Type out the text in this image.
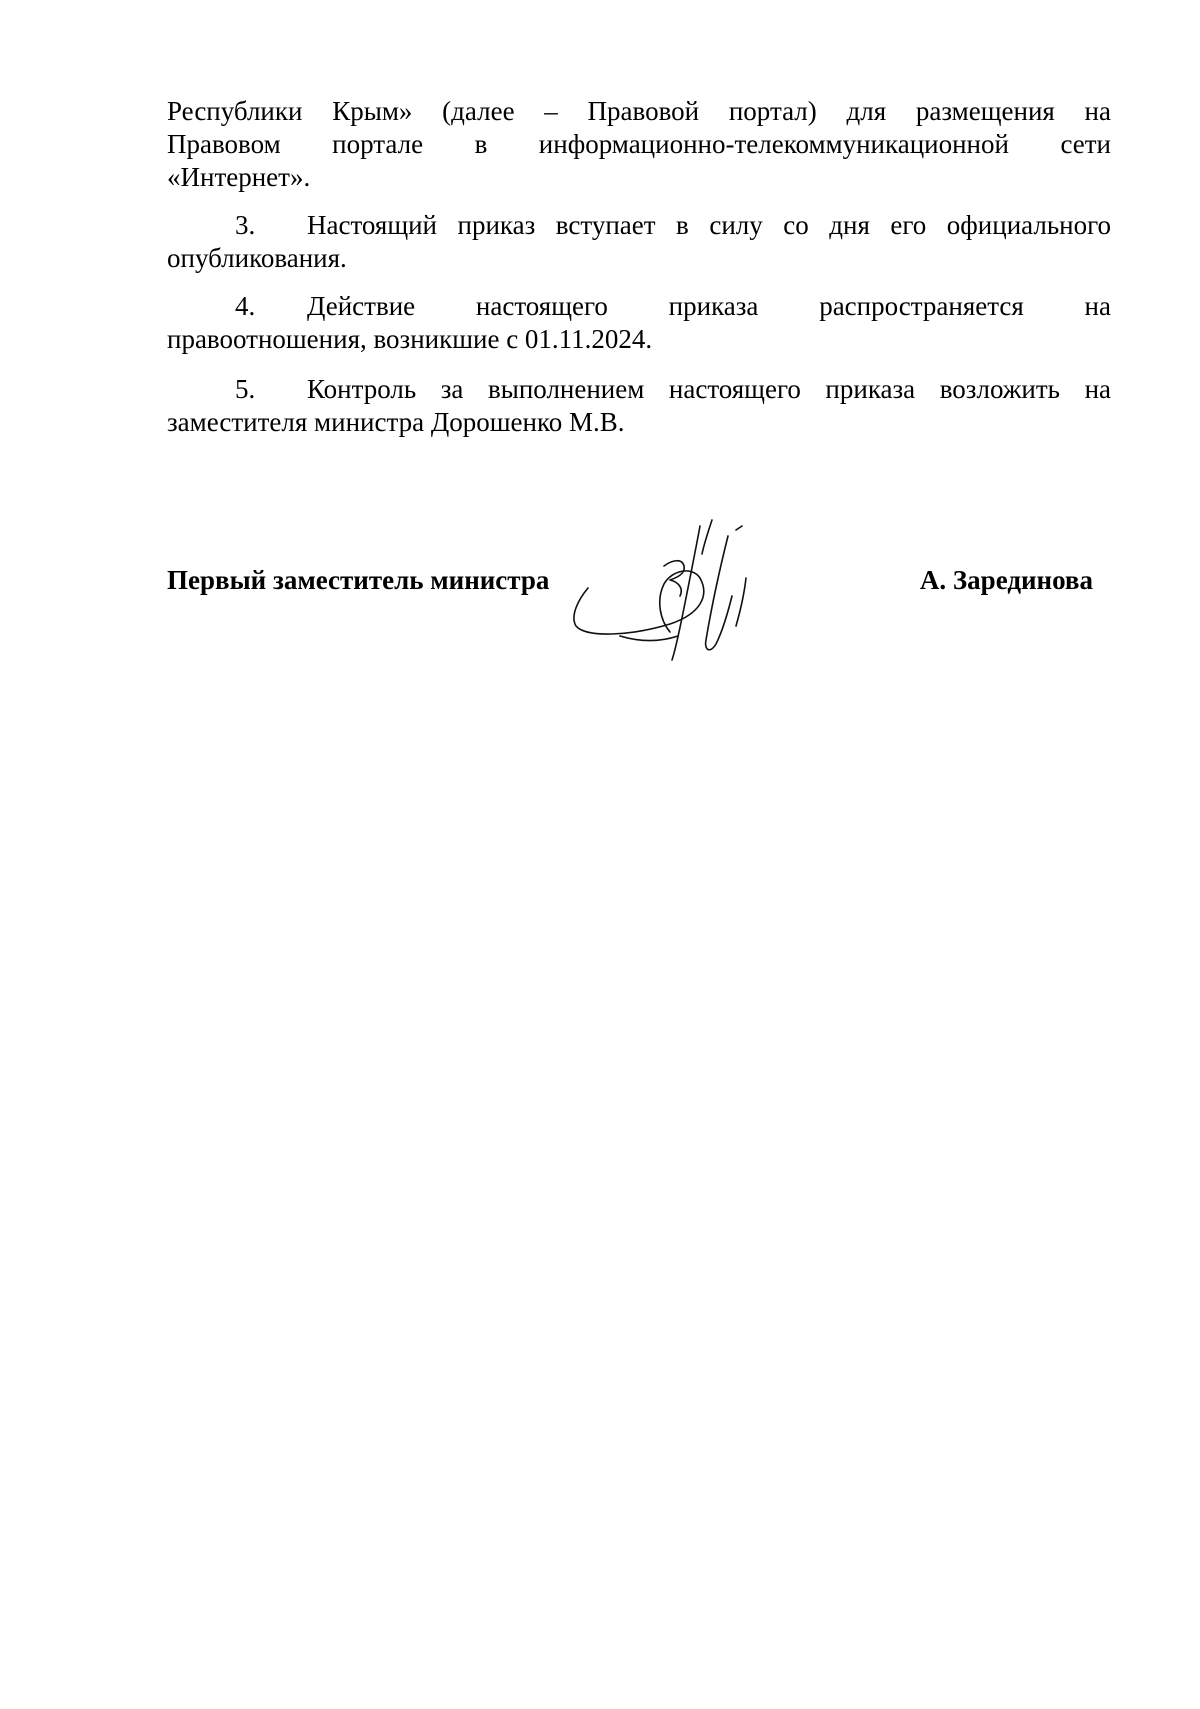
Республики Крым» (далее – Правовой портал) для размещения на
Правовом портале в информационно-телекоммуникационной сети
«Интернет».
3. Настоящий приказ вступает в силу со дня его официального
опубликования.
4. Действие настоящего приказа распространяется на
правоотношения, возникшие с 01.11.2024.
5. Контроль за выполнением настоящего приказа возложить на
заместителя министра Дорошенко М.В.
Первый заместитель министра	А. Зарединова
